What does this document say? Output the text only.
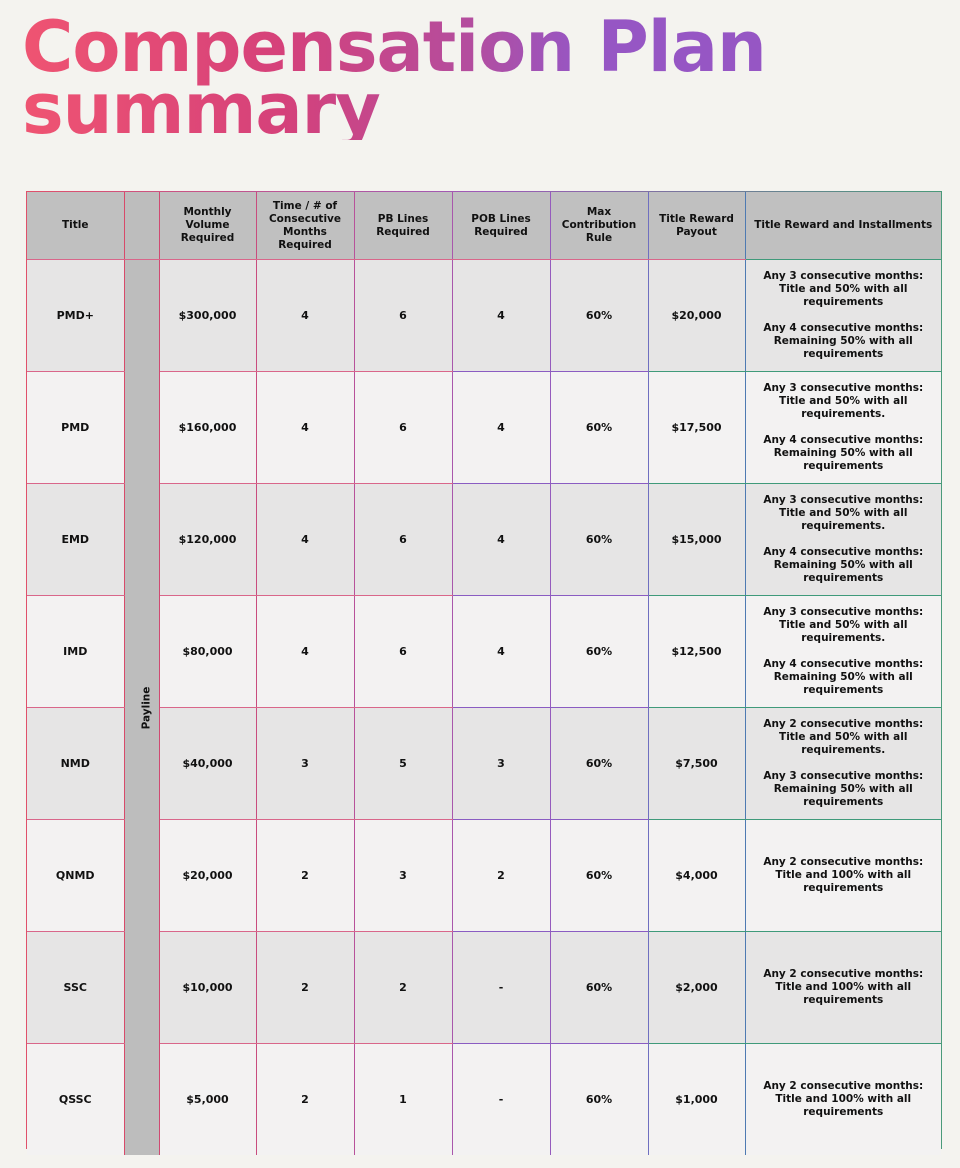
Compensation Plan
summary
Title		Monthly Volume Required	Time / # of Consecutive Months Required	PB Lines Required	POB Lines Required	Max Contribution Rule	Title Reward Payout	Title Reward and Installments
PMD+	Payline	$300,000	4	6	4	60%	$20,000	Any 3 consecutive months: Title and 50% with all requirements
Any 4 consecutive months: Remaining 50% with all requirements

PMD		$160,000	4	6	4	60%	$17,500	Any 3 consecutive months: Title and 50% with all requirements.
Any 4 consecutive months: Remaining 50% with all requirements

EMD		$120,000	4	6	4	60%	$15,000	Any 3 consecutive months: Title and 50% with all requirements.
Any 4 consecutive months: Remaining 50% with all requirements

IMD		$80,000	4	6	4	60%	$12,500	Any 3 consecutive months: Title and 50% with all requirements.
Any 4 consecutive months: Remaining 50% with all requirements

NMD		$40,000	3	5	3	60%	$7,500	Any 2 consecutive months: Title and 50% with all requirements.
Any 3 consecutive months: Remaining 50% with all requirements

QNMD		$20,000	2	3	2	60%	$4,000	Any 2 consecutive months: Title and 100% with all requirements

SSC		$10,000	2	2	-	60%	$2,000	Any 2 consecutive months: Title and 100% with all requirements

QSSC		$5,000	2	1	-	60%	$1,000	Any 2 consecutive months: Title and 100% with all requirements
